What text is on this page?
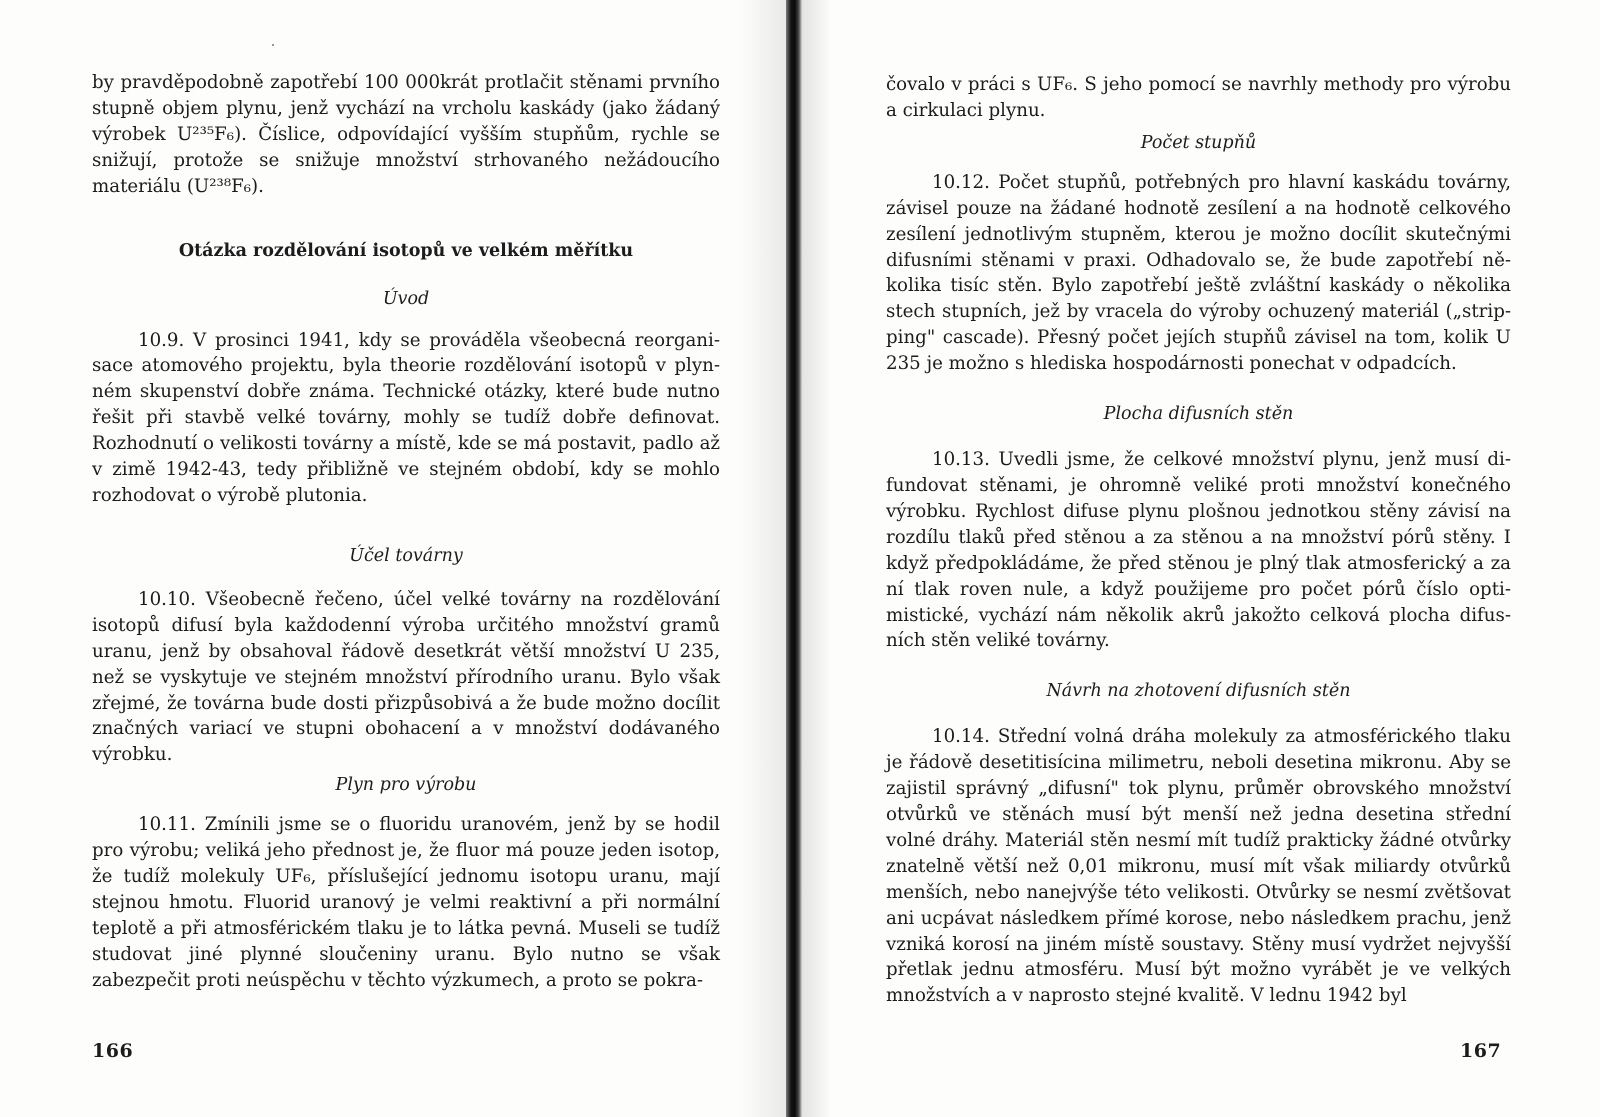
by pravděpodobně zapotřebí 100 000krát protlačit stěnami prvního stupně objem plynu, jenž vychází na vrcholu kaskády (jako žádaný výrobek U²³⁵F₆). Číslice, odpovídající vyšším stupňům, rychle se snižují, protože se snižuje množství strhovaného nežádoucího materiálu (U²³⁸F₆).

Otázka rozdělování isotopů ve velkém měřítku
Úvod

10.9. V prosinci 1941, kdy se prováděla všeobecná reorganisace atomového projektu, byla theorie rozdělování isotopů v plynném skupenství dobře známa. Technické otázky, které bude nutno řešit při stavbě velké továrny, mohly se tudíž dobře definovat. Rozhodnutí o velikosti továrny a místě, kde se má postavit, padlo až v zimě 1942-43, tedy přibližně ve stejném období, kdy se mohlo rozhodovat o výrobě plutonia.

Účel továrny

10.10. Všeobecně řečeno, účel velké továrny na rozdělování isotopů difusí byla každodenní výroba určitého množství gramů uranu, jenž by obsahoval řádově desetkrát větší množství U 235, než se vyskytuje ve stejném množství přírodního uranu. Bylo však zřejmé, že továrna bude dosti přizpůsobivá a že bude možno docílit značných variací ve stupni obohacení a v množství dodávaného výrobku.

Plyn pro výrobu

10.11. Zmínili jsme se o fluoridu uranovém, jenž by se hodil pro výrobu; veliká jeho přednost je, že fluor má pouze jeden isotop, že tudíž molekuly UF₆, příslušející jednomu isotopu uranu, mají stejnou hmotu. Fluorid uranový je velmi reaktivní a při normální teplotě a při atmosférickém tlaku je to látka pevná. Museli se tudíž studovat jiné plynné sloučeniny uranu. Bylo nutno se však zabezpečit proti neúspěchu v těchto výzkumech, a proto se pokra-

166

čovalo v práci s UF₆. S jeho pomocí se navrhly methody pro výrobu a cirkulaci plynu.

Počet stupňů

10.12. Počet stupňů, potřebných pro hlavní kaskádu továrny, závisel pouze na žádané hodnotě zesílení a na hodnotě celkového zesílení jednotlivým stupněm, kterou je možno docílit skutečnými difusními stěnami v praxi. Odhadovalo se, že bude zapotřebí několika tisíc stěn. Bylo zapotřebí ještě zvláštní kaskády o několika stech stupních, jež by vracela do výroby ochuzený materiál („stripping" cascade). Přesný počet jejích stupňů závisel na tom, kolik U 235 je možno s hlediska hospodárnosti ponechat v odpadcích.

Plocha difusních stěn

10.13. Uvedli jsme, že celkové množství plynu, jenž musí difundovat stěnami, je ohromně veliké proti množství konečného výrobku. Rychlost difuse plynu plošnou jednotkou stěny závisí na rozdílu tlaků před stěnou a za stěnou a na množství pórů stěny. I když předpokládáme, že před stěnou je plný tlak atmosferický a za ní tlak roven nule, a když použijeme pro počet pórů číslo optimistické, vychází nám několik akrů jakožto celková plocha difusních stěn veliké továrny.

Návrh na zhotovení difusních stěn

10.14. Střední volná dráha molekuly za atmosférického tlaku je řádově desetitisícina milimetru, neboli desetina mikronu. Aby se zajistil správný „difusní" tok plynu, průměr obrovského množství otvůrků ve stěnách musí být menší než jedna desetina střední volné dráhy. Materiál stěn nesmí mít tudíž prakticky žádné otvůrky znatelně větší než 0,01 mikronu, musí mít však miliardy otvůrků menších, nebo nanejvýše této velikosti. Otvůrky se nesmí zvětšovat ani ucpávat následkem přímé korose, nebo následkem prachu, jenž vzniká korosí na jiném místě soustavy. Stěny musí vydržet nejvyšší přetlak jednu atmosféru. Musí být možno vyrábět je ve velkých množstvích a v naprosto stejné kvalitě. V lednu 1942 byl

167
